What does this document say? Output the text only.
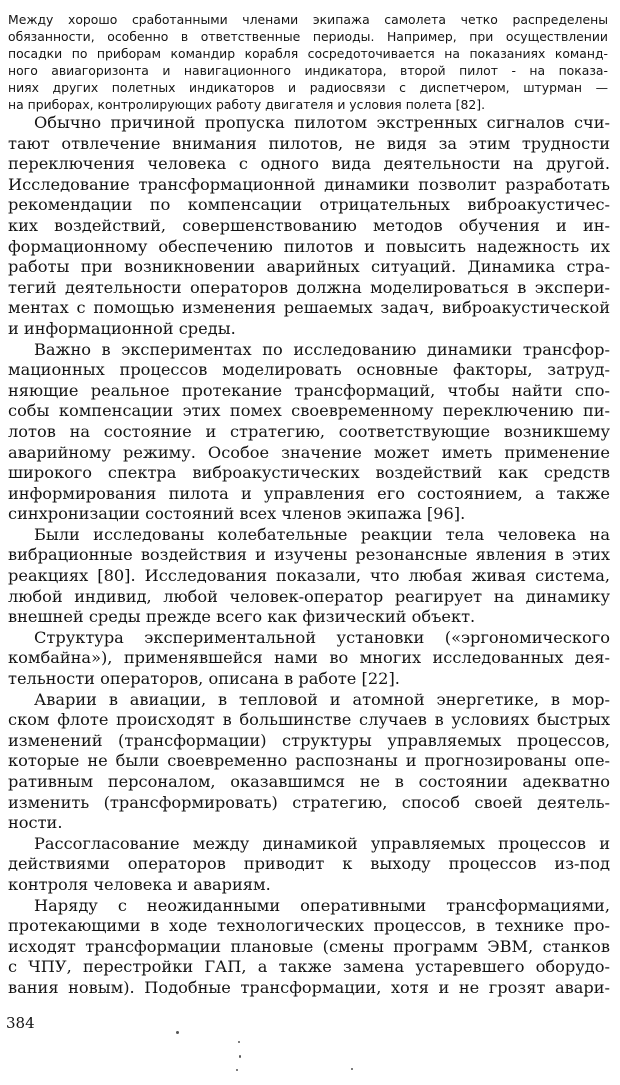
Между хорошо сработанными членами экипажа самолета четко распределены
обязанности, особенно в ответственные периоды. Например, при осуществлении
посадки по приборам командир корабля сосредоточивается на показаниях команд-
ного авиагоризонта и навигационного индикатора, второй пилот - на показа-
ниях других полетных индикаторов и радиосвязи с диспетчером, штурман —
на приборах, контролирующих работу двигателя и условия полета [82].
Обычно причиной пропуска пилотом экстренных сигналов счи-
тают отвлечение внимания пилотов, не видя за этим трудности
переключения человека с одного вида деятельности на другой.
Исследование трансформационной динамики позволит разработать
рекомендации по компенсации отрицательных виброакустичес-
ких воздействий, совершенствованию методов обучения и ин-
формационному обеспечению пилотов и повысить надежность их
работы при возникновении аварийных ситуаций. Динамика стра-
тегий деятельности операторов должна моделироваться в экспери-
ментах с помощью изменения решаемых задач, виброакустической
и информационной среды.
Важно в экспериментах по исследованию динамики трансфор-
мационных процессов моделировать основные факторы, затруд-
няющие реальное протекание трансформаций, чтобы найти спо-
собы компенсации этих помех своевременному переключению пи-
лотов на состояние и стратегию, соответствующие возникшему
аварийному режиму. Особое значение может иметь применение
широкого спектра виброакустических воздействий как средств
информирования пилота и управления его состоянием, а также
синхронизации состояний всех членов экипажа [96].
Были исследованы колебательные реакции тела человека на
вибрационные воздействия и изучены резонансные явления в этих
реакциях [80]. Исследования показали, что любая живая система,
любой индивид, любой человек-оператор реагирует на динамику
внешней среды прежде всего как физический объект.
Структура экспериментальной установки («эргономического
комбайна»), применявшейся нами во многих исследованных дея-
тельности операторов, описана в работе [22].
Аварии в авиации, в тепловой и атомной энергетике, в мор-
ском флоте происходят в большинстве случаев в условиях быстрых
изменений (трансформации) структуры управляемых процессов,
которые не были своевременно распознаны и прогнозированы опе-
ративным персоналом, оказавшимся не в состоянии адекватно
изменить (трансформировать) стратегию, способ своей деятель-
ности.
Рассогласование между динамикой управляемых процессов и
действиями операторов приводит к выходу процессов из-под
контроля человека и авариям.
Наряду с неожиданными оперативными трансформациями,
протекающими в ходе технологических процессов, в технике про-
исходят трансформации плановые (смены программ ЭВМ, станков
с ЧПУ, перестройки ГАП, а также замена устаревшего оборудо-
вания новым). Подобные трансформации, хотя и не грозят авари-
384
